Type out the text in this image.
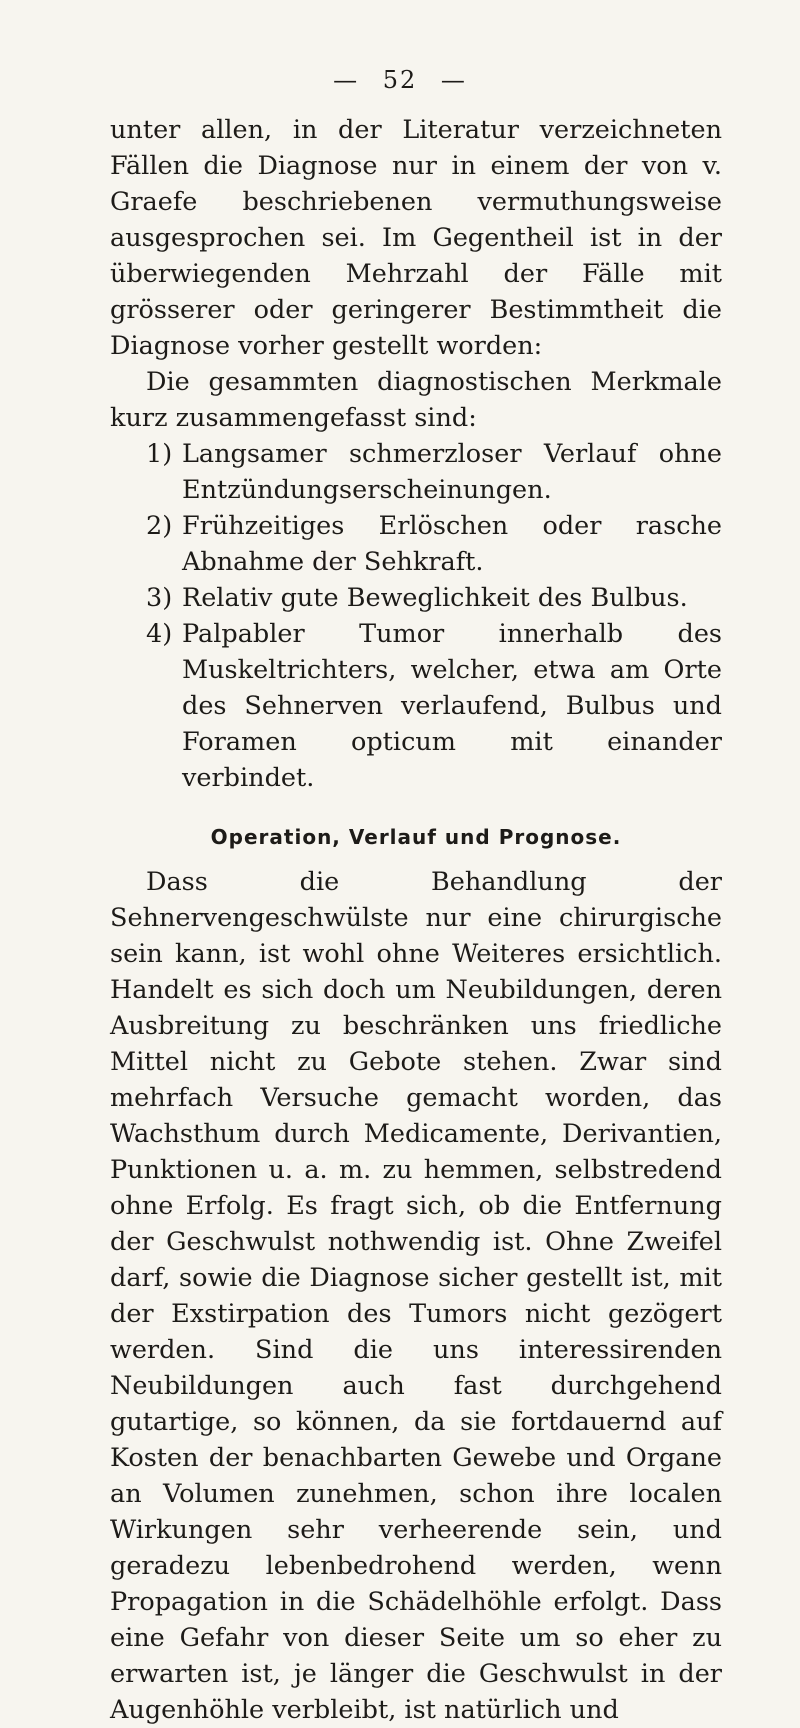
— 52 —

unter allen, in der Literatur verzeichneten Fällen die Diagnose nur in einem der von v. Graefe beschriebenen vermuthungsweise ausgesprochen sei. Im Gegentheil ist in der überwiegenden Mehrzahl der Fälle mit grösserer oder geringerer Bestimmtheit die Diagnose vorher gestellt worden:

Die gesammten diagnostischen Merkmale kurz zusammengefasst sind:

1) Langsamer schmerzloser Verlauf ohne Entzündungserscheinungen.
2) Frühzeitiges Erlöschen oder rasche Abnahme der Sehkraft.
3) Relativ gute Beweglichkeit des Bulbus.
4) Palpabler Tumor innerhalb des Muskeltrichters, welcher, etwa am Orte des Sehnerven verlaufend, Bulbus und Foramen opticum mit einander verbindet.
Operation, Verlauf und Prognose.

Dass die Behandlung der Sehnervengeschwülste nur eine chirurgische sein kann, ist wohl ohne Weiteres ersichtlich. Handelt es sich doch um Neubildungen, deren Ausbreitung zu beschränken uns friedliche Mittel nicht zu Gebote stehen. Zwar sind mehrfach Versuche gemacht worden, das Wachsthum durch Medicamente, Derivantien, Punktionen u. a. m. zu hemmen, selbstredend ohne Erfolg. Es fragt sich, ob die Entfernung der Geschwulst nothwendig ist. Ohne Zweifel darf, sowie die Diagnose sicher gestellt ist, mit der Exstirpation des Tumors nicht gezögert werden. Sind die uns interessirenden Neubildungen auch fast durchgehend gutartige, so können, da sie fortdauernd auf Kosten der benachbarten Gewebe und Organe an Volumen zunehmen, schon ihre localen Wirkungen sehr verheerende sein, und geradezu lebenbedrohend werden, wenn Propagation in die Schädelhöhle erfolgt. Dass eine Gefahr von dieser Seite um so eher zu erwarten ist, je länger die Geschwulst in der Augenhöhle verbleibt, ist natürlich und
